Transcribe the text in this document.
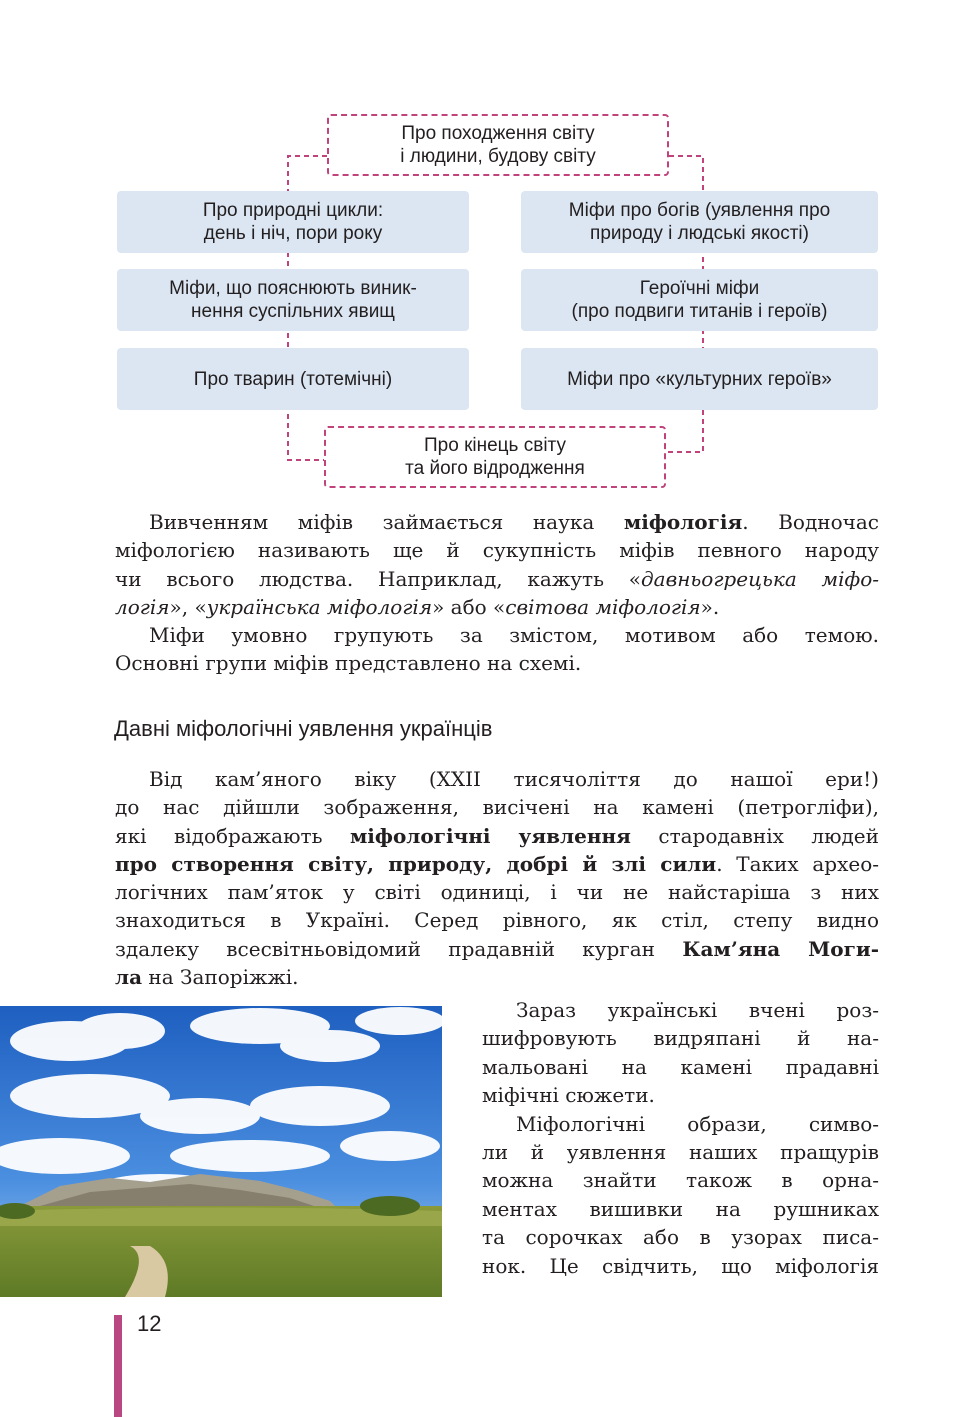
Про походження світу
і людини, будову світу
Про природні цикли:
день і ніч, пори року
Міфи, що пояснюють виник-
нення суспільних явищ
Про тварин (тотемічні)
Міфи про богів (уявлення про
природу і людські якості)
Героїчні міфи
(про подвиги титанів і героїв)
Міфи про «культурних героїв»
Про кінець світу
та його відродження
Вивченням міфів займається наука міфологія. Водночас
міфологією називають ще й сукупність міфів певного народу
чи всього людства. Наприклад, кажуть «давньогрецька міфо-
логія», «українська міфологія» або «світова міфологія».
Міфи умовно групують за змістом, мотивом або темою.
Основні групи міфів представлено на схемі.
Давні міфологічні уявлення українців
Від кам’яного віку (XXII тисячоліття до нашої ери!)
до нас дійшли зображення, висічені на камені (петрогліфи),
які відображають міфологічні уявлення стародавніх людей
про створення світу, природу, добрі й злі сили. Таких архео-
логічних пам’яток у світі одиниці, і чи не найстаріша з них
знаходиться в Україні. Серед рівного, як стіл, степу видно
здалеку всесвітньовідомий прадавній курган Кам’яна Моги-
ла на Запоріжжі.
Зараз українські вчені роз-
шифровують видряпані й на-
мальовані на камені прадавні
міфічні сюжети.
Міфологічні образи, симво-
ли й уявлення наших пращурів
можна знайти також в орна-
ментах вишивки на рушниках
та сорочках або в узорах писа-
нок. Це свідчить, що міфологія
12
